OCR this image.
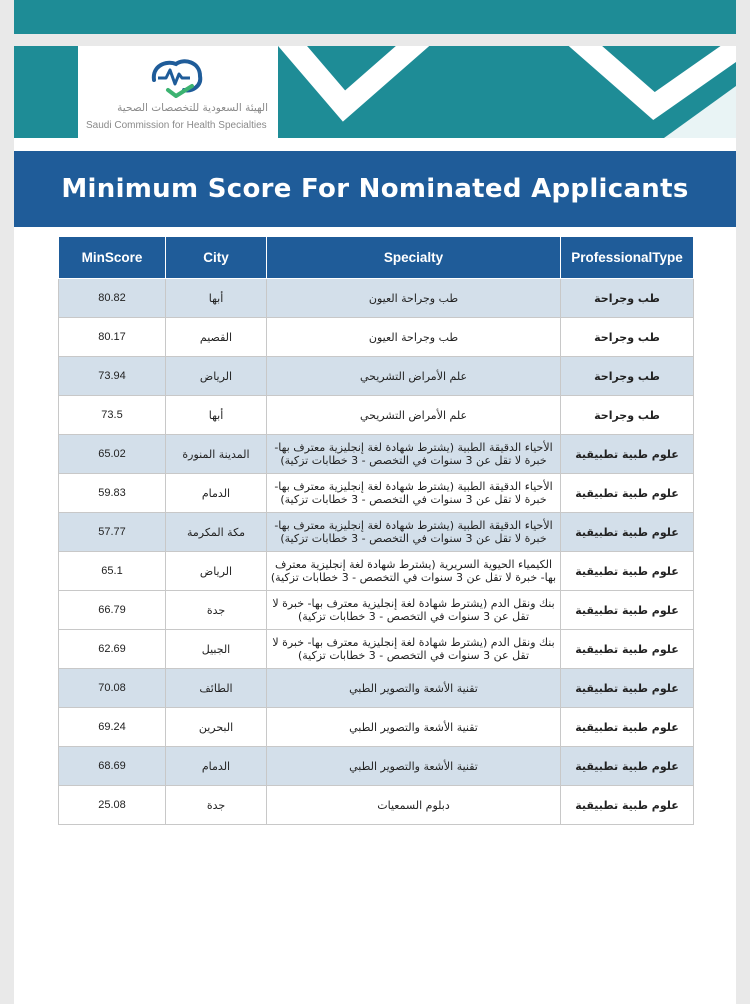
الهيئة السعودية للتخصصات الصحية
Saudi Commission for Health Specialties
Minimum Score For Nominated Applicants
MinScore	City	Specialty	ProfessionalType
80.82	أبها	طب وجراحة العيون	طب وجراحة
80.17	القصيم	طب وجراحة العيون	طب وجراحة
73.94	الرياض	علم الأمراض التشريحي	طب وجراحة
73.5	أبها	علم الأمراض التشريحي	طب وجراحة
65.02	المدينة المنورة	الأحياء الدقيقة الطبية (يشترط شهادة لغة إنجليزية معترف بها- خبرة لا تقل عن 3 سنوات في التخصص - 3 خطابات تزكية)	علوم طبية تطبيقية
59.83	الدمام	الأحياء الدقيقة الطبية (يشترط شهادة لغة إنجليزية معترف بها- خبرة لا تقل عن 3 سنوات في التخصص - 3 خطابات تزكية)	علوم طبية تطبيقية
57.77	مكة المكرمة	الأحياء الدقيقة الطبية (يشترط شهادة لغة إنجليزية معترف بها- خبرة لا تقل عن 3 سنوات في التخصص - 3 خطابات تزكية)	علوم طبية تطبيقية
65.1	الرياض	الكيمياء الحيوية السريرية (يشترط شهادة لغة إنجليزية معترف بها- خبرة لا تقل عن 3 سنوات في التخصص - 3 خطابات تزكية)	علوم طبية تطبيقية
66.79	جدة	بنك ونقل الدم (يشترط شهادة لغة إنجليزية معترف بها- خبرة لا تقل عن 3 سنوات في التخصص - 3 خطابات تزكية)	علوم طبية تطبيقية
62.69	الجبيل	بنك ونقل الدم (يشترط شهادة لغة إنجليزية معترف بها- خبرة لا تقل عن 3 سنوات في التخصص - 3 خطابات تزكية)	علوم طبية تطبيقية
70.08	الطائف	تقنية الأشعة والتصوير الطبي	علوم طبية تطبيقية
69.24	البحرين	تقنية الأشعة والتصوير الطبي	علوم طبية تطبيقية
68.69	الدمام	تقنية الأشعة والتصوير الطبي	علوم طبية تطبيقية
25.08	جدة	دبلوم السمعيات	علوم طبية تطبيقية
